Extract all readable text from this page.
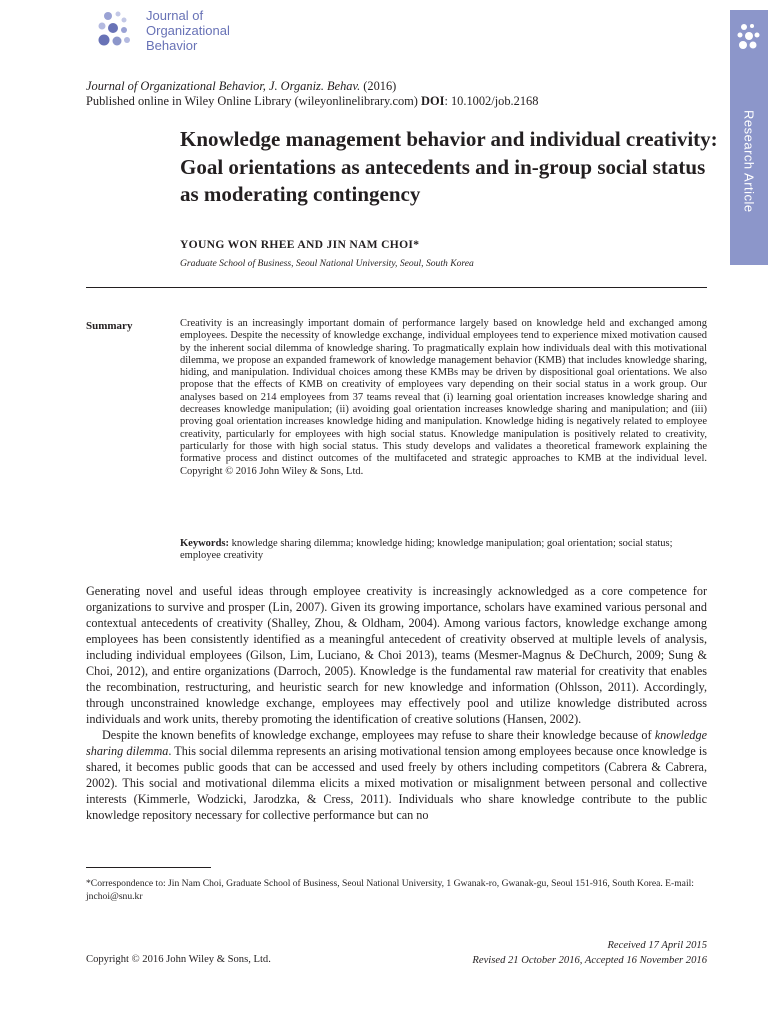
Journal of
Organizational
Behavior
Research Article
Journal of Organizational Behavior, J. Organiz. Behav. (2016)
Published online in Wiley Online Library (wileyonlinelibrary.com) DOI: 10.1002/job.2168
Knowledge management behavior and individual creativity: Goal orientations as antecedents and in-group social status as moderating contingency
YOUNG WON RHEE AND JIN NAM CHOI*
Graduate School of Business, Seoul National University, Seoul, South Korea
Summary	Creativity is an increasingly important domain of performance largely based on knowledge held and exchanged among employees. Despite the necessity of knowledge exchange, individual employees tend to experience mixed motivation caused by the inherent social dilemma of knowledge sharing. To pragmatically explain how individuals deal with this motivational dilemma, we propose an expanded framework of knowledge management behavior (KMB) that includes knowledge sharing, hiding, and manipulation. Individual choices among these KMBs may be driven by dispositional goal orientations. We also propose that the effects of KMB on creativity of employees vary depending on their social status in a work group. Our analyses based on 214 employees from 37 teams reveal that (i) learning goal orientation increases knowledge sharing and decreases knowledge manipulation; (ii) avoiding goal orientation increases knowledge sharing and manipulation; and (iii) proving goal orientation increases knowledge hiding and manipulation. Knowledge hiding is negatively related to employee creativity, particularly for employees with high social status. Knowledge manipulation is positively related to creativity, particularly for those with high social status. This study develops and validates a theoretical framework explaining the formative process and distinct outcomes of the multifaceted and strategic approaches to KMB at the individual level. Copyright © 2016 John Wiley & Sons, Ltd.
Keywords: knowledge sharing dilemma; knowledge hiding; knowledge manipulation; goal orientation; social status; employee creativity

Generating novel and useful ideas through employee creativity is increasingly acknowledged as a core competence for organizations to survive and prosper (Lin, 2007). Given its growing importance, scholars have examined various personal and contextual antecedents of creativity (Shalley, Zhou, & Oldham, 2004). Among various factors, knowledge exchange among employees has been consistently identified as a meaningful antecedent of creativity observed at multiple levels of analysis, including individual employees (Gilson, Lim, Luciano, & Choi 2013), teams (Mesmer-Magnus & DeChurch, 2009; Sung & Choi, 2012), and entire organizations (Darroch, 2005). Knowledge is the fundamental raw material for creativity that enables the recombination, restructuring, and heuristic search for new knowledge and information (Ohlsson, 2011). Accordingly, through unconstrained knowledge exchange, employees may effectively pool and utilize knowledge distributed across individuals and work units, thereby promoting the identification of creative solutions (Hansen, 2002).

Despite the known benefits of knowledge exchange, employees may refuse to share their knowledge because of knowledge sharing dilemma. This social dilemma represents an arising motivational tension among employees because once knowledge is shared, it becomes public goods that can be accessed and used freely by others including competitors (Cabrera & Cabrera, 2002). This social and motivational dilemma elicits a mixed motivation or misalignment between personal and collective interests (Kimmerle, Wodzicki, Jarodzka, & Cress, 2011). Individuals who share knowledge contribute to the public knowledge repository necessary for collective performance but can no

*Correspondence to: Jin Nam Choi, Graduate School of Business, Seoul National University, 1 Gwanak-ro, Gwanak-gu, Seoul 151-916, South Korea. E-mail: jnchoi@snu.kr
Received 17 April 2015
Revised 21 October 2016, Accepted 16 November 2016
Copyright © 2016 John Wiley & Sons, Ltd.
